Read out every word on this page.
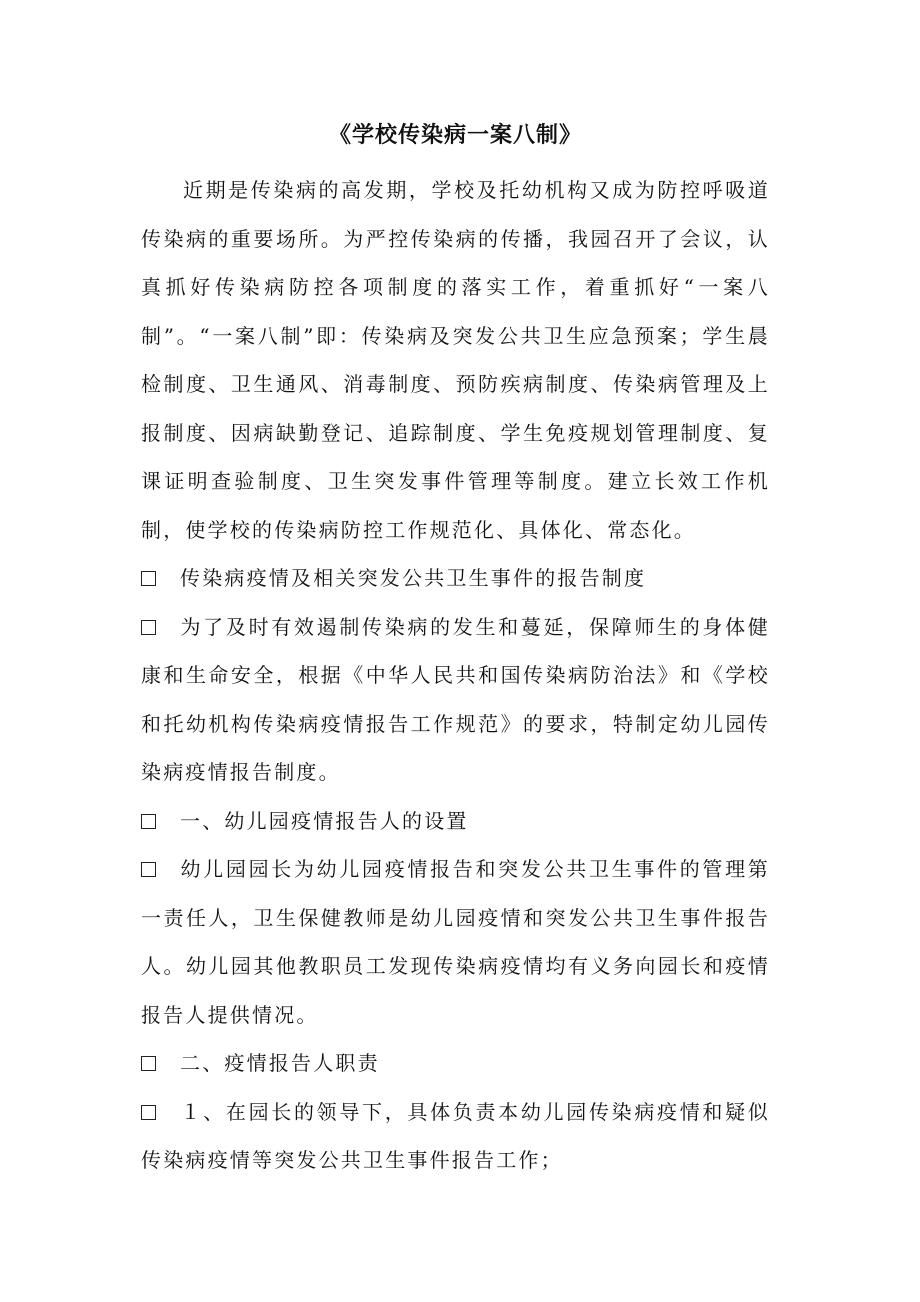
《学校传染病一案八制》

近期是传染病的高发期，学校及托幼机构又成为防控呼吸道传染病的重要场所。为严控传染病的传播，我园召开了会议，认真抓好传染病防控各项制度的落实工作，着重抓好“一案八制”。“一案八制”即：传染病及突发公共卫生应急预案；学生晨检制度、卫生通风、消毒制度、预防疾病制度、传染病管理及上报制度、因病缺勤登记、追踪制度、学生免疫规划管理制度、复课证明查验制度、卫生突发事件管理等制度。建立长效工作机制，使学校的传染病防控工作规范化、具体化、常态化。

传染病疫情及相关突发公共卫生事件的报告制度

为了及时有效遏制传染病的发生和蔓延，保障师生的身体健康和生命安全，根据《中华人民共和国传染病防治法》和《学校和托幼机构传染病疫情报告工作规范》的要求，特制定幼儿园传染病疫情报告制度。

一、幼儿园疫情报告人的设置

幼儿园园长为幼儿园疫情报告和突发公共卫生事件的管理第一责任人，卫生保健教师是幼儿园疫情和突发公共卫生事件报告人。幼儿园其他教职员工发现传染病疫情均有义务向园长和疫情报告人提供情况。

二、疫情报告人职责

１、在园长的领导下，具体负责本幼儿园传染病疫情和疑似传染病疫情等突发公共卫生事件报告工作；
